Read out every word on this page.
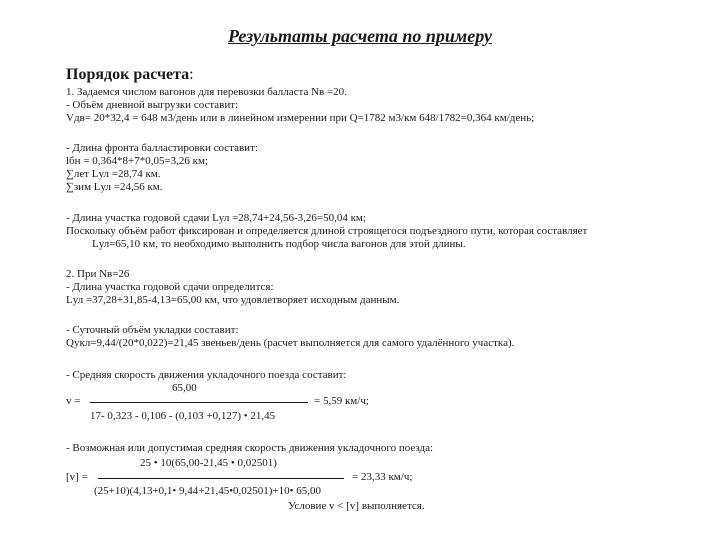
Результаты расчета по примеру
Порядок расчета:
1. Задаемся числом вагонов для перевозки балласта Nв =20.
- Объём дневной выгрузки составит:
Vдв= 20*32,4 = 648 м3/день или в линейном измерении при Q=1782 м3/км 648/1782=0,364 км/день;
- Длина фронта балластировки составит:
lбн = 0,364*8+7*0,05=3,26 км;
∑лет Lул =28,74 км.
∑зим Lул =24,56 км.
- Длина участка годовой сдачи Lул =28,74+24,56-3,26=50,04 км;
Поскольку объём работ фиксирован и определяется длиной строящегося подъездного пути, которая составляет
Lул=65,10 км, то необходимо выполнить подбор числа вагонов для этой длины.
2. При Nв=26
- Длина участка годовой сдачи определится:
Lул =37,28+31,85-4,13=65,00 км, что удовлетворяет исходным данным.
- Суточный объём укладки составит:
Qукл=9,44/(20*0,022)=21,45 звеньев/день (расчет выполняется для самого удалённого участка).
- Средняя скорость движения укладочного поезда составит:
65,00
v =	= 5,59 км/ч;
17- 0,323 - 0,106 - (0,103 +0,127) • 21,45
- Возможная или допустимая средняя скорость движения укладочного поезда:
25 • 10(65,00-21,45 • 0,02501)
[v] =	= 23,33 км/ч;
(25+10)(4,13+0,1• 9,44+21,45•0,02501)+10• 65,00
Условие v < [v] выполняется.
